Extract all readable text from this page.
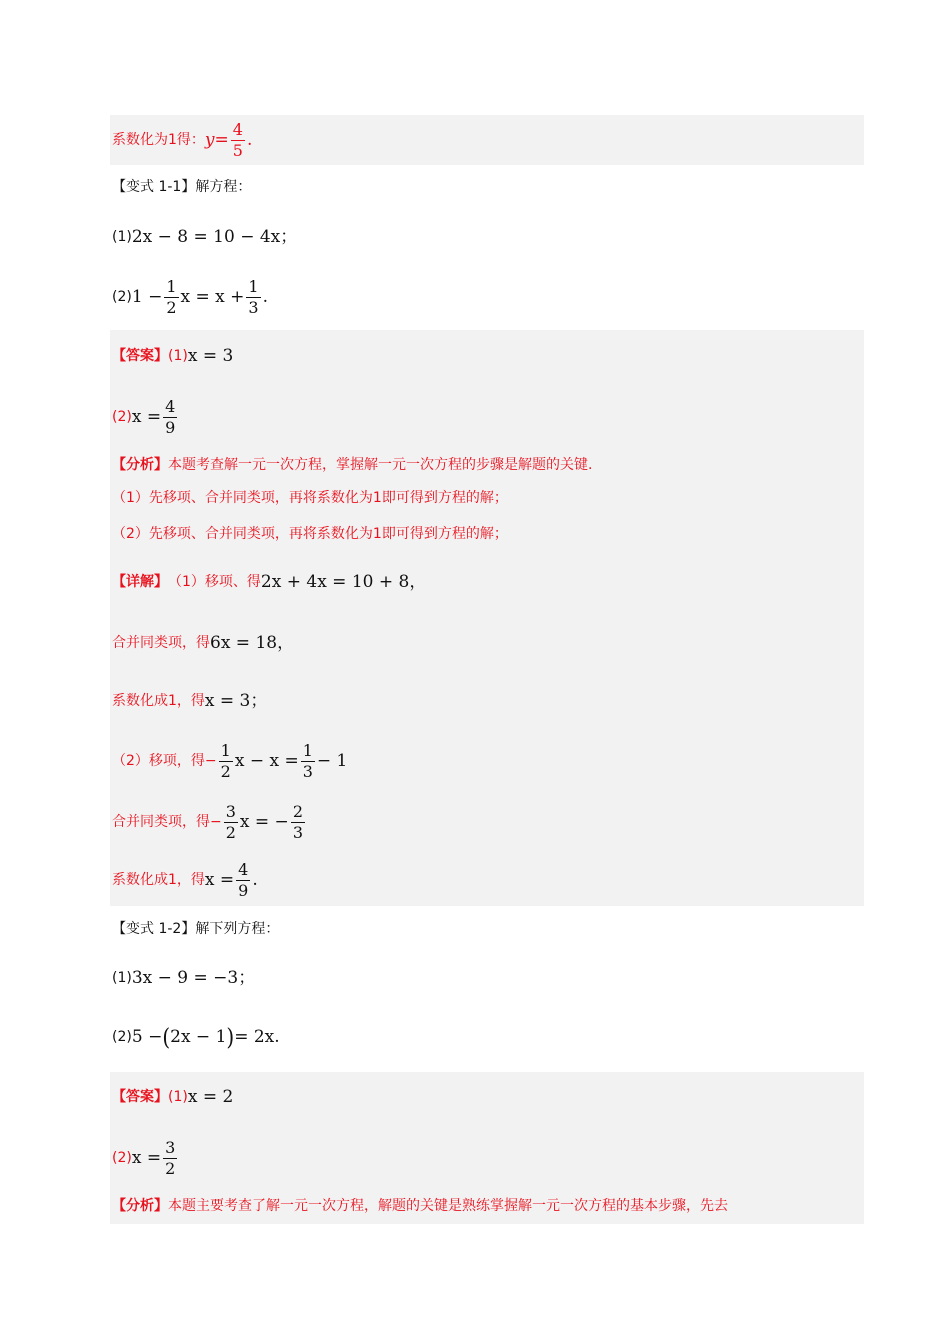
系数化为1得： $y = \frac{4}{5}$ .
【变式 1-1】解方程：
(1) 2x − 8 = 10 − 4x；
(2) $1 - \frac{1}{2}$ $x = x + \frac{1}{3}$ .
【答案】 (1) x = 3
(2) $x = \frac{4}{9}$
【分析】 本题考查解一元一次方程，掌握解一元一次方程的步骤是解题的关键.
（1）先移项、合并同类项，再将系数化为1即可得到方程的解；
（2）先移项、合并同类项，再将系数化为1即可得到方程的解；
【详解】 （1）移项、得 2x + 4x = 10 + 8，
合并同类项，得 6x = 18，
系数化成1，得 x = 3；
（2）移项，得− $\frac{1}{2}$ $x - x = \frac{1}{3} - 1$
合并同类项，得− $\frac{3}{2}$ x = − $\frac{2}{3}$
系数化成1，得 $x = \frac{4}{9}$ .
【变式 1-2】解下列方程：
(1) 3x − 9 = −3；
(2) 5 − ( 2x − 1 ) = 2x.
【答案】 (1) x = 2
(2) $x = \frac{3}{2}$
【分析】 本题主要考查了解一元一次方程，解题的关键是熟练掌握解一元一次方程的基本步骤，先去
